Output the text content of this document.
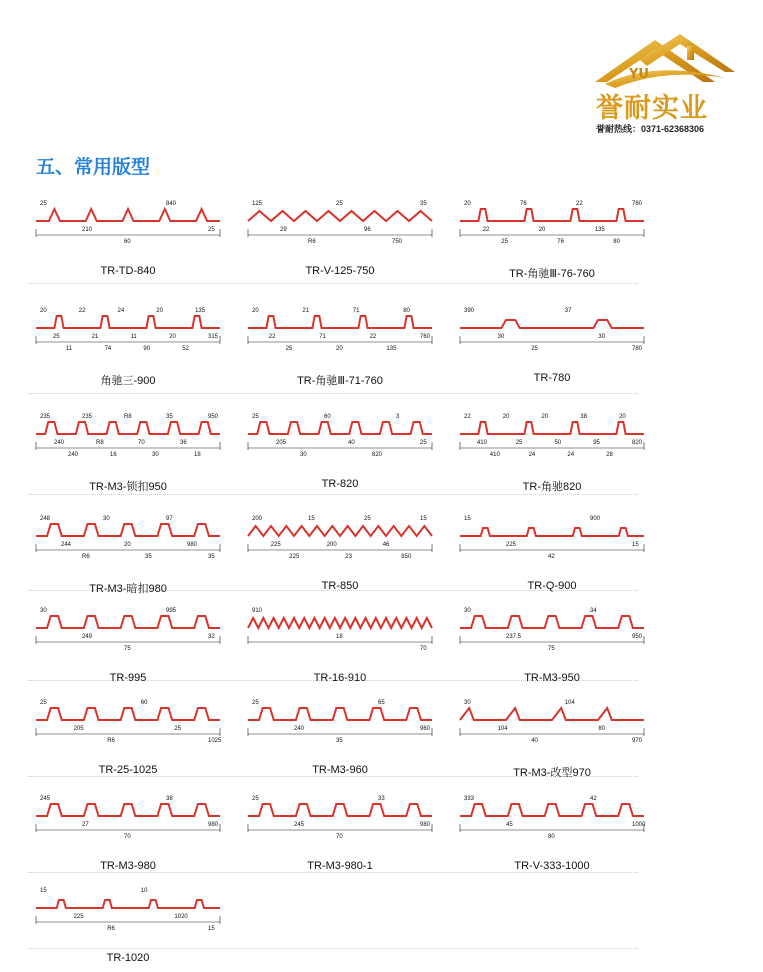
YU
誉耐实业
誉耐热线：0371-62368306
五、常用版型
25
210
60
840
25
TR-TD-840
125
29
R6
25
96
750
35
TR-V-125-750
20
22
25
76
20
76
22
135
80
760
TR-角驰Ⅲ-76-760
20
25
11
22
21
74
24
11
90
20
20
52
135
315
角驰三-900
20
22
25
21
71
20
71
22
135
80
760
TR-角驰Ⅲ-71-760
390
30
25
37
30
780
TR-780
235
240
240
235
R8
16
R8
70
30
35
36
18
950
TR-M3-锁扣950
25
205
30
60
40
820
3
25
TR-820
22
410
410
20
25
24
20
50
24
38
95
28
20
820
TR-角驰820
248
244
R6
30
20
35
97
980
35
TR-M3-暗扣980
200
225
225
15
200
23
25
46
850
15
TR-850
15
225
42
900
15
TR-Q-900
30
249
75
995
32
TR-995
910
18
70
TR-16-910
30
237.5
75
34
950
TR-M3-950
25
205
R6
60
25
1025
TR-25-1025
25
240
35
65
960
TR-M3-960
30
104
40
104
80
970
TR-M3-改型970
245
27
70
38
980
TR-M3-980
25
245
70
33
980
TR-M3-980-1
333
45
80
42
1000
TR-V-333-1000
15
225
R6
10
1020
15
TR-1020
